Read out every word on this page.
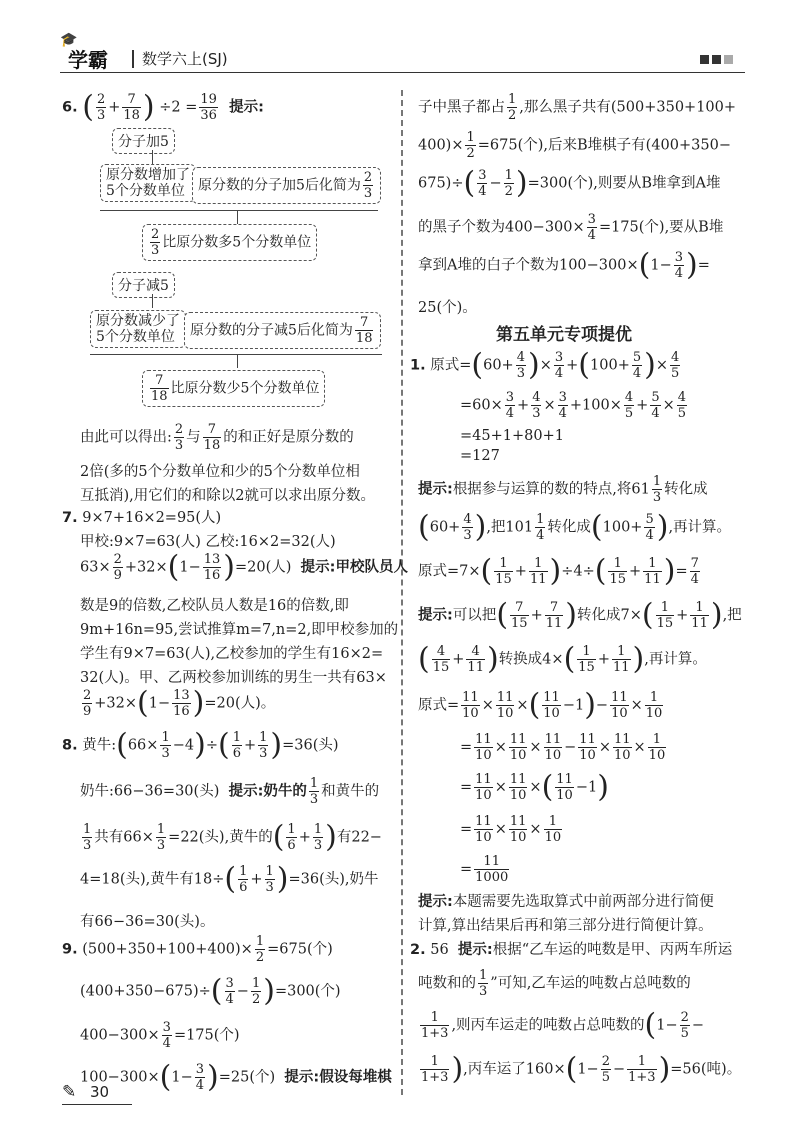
🎓
学霸 数学六上(SJ)
6. ( $\frac{2}{3} + \frac{7}{18}$ ) $\div 2 = \frac{19}{36}$ 提示:
分子加5
原分数增加了
5个分数单位 原分数的分子加5后化简为 $\frac{2}{3}$
$\frac{2}{3}$ 比原分数多5个分数单位
分子减5
原分数减少了
5个分数单位	原分数的分子减5后化简为 $\frac{7}{18}$
$\frac{7}{18}$ 比原分数少5个分数单位
由此可以得出: $\frac{2}{3}$ 与 $\frac{7}{18}$ 的和正好是原分数的
2倍(多的5个分数单位和少的5个分数单位相
互抵消),用它们的和除以2就可以求出原分数。
7. 9×7+16×2=95(人)
甲校:9×7=63(人) 乙校:16×2=32(人)
$63\times \frac{2}{9} +32\times(1- \frac{13}{16} )=20$(人) 提示:甲校队员人
数是9的倍数,乙校队员人数是16的倍数,即
9m+16n=95,尝试推算m=7,n=2,即甲校参加的
学生有9×7=63(人),乙校参加的学生有16×2=
32(人)。甲、乙两校参加训练的男生一共有63×
$\frac{2}{9} +32\times(1- \frac{13}{16} )=20$(人)。
8. 黄牛:(66× $\frac{1}{3} -4)\div( \frac{1}{6} + \frac{1}{3} )=36$(头)
奶牛:66−36=30(头) 提示:奶牛的 $\frac{1}{3}$ 和黄牛的
$\frac{1}{3}$ 共有$66\times \frac{1}{3} =22$(头),黄牛的( $\frac{1}{6} + \frac{1}{3}$ )有22−
4=18(头),黄牛有$18\div( \frac{1}{6} + \frac{1}{3} )=36$(头),奶牛
有66−36=30(头)。
9. $(500+350+100+400)\times \frac{1}{2} =675$(个)
$(400+350-675)\div( \frac{3}{4} - \frac{1}{2} )=300$(个)
$400-300\times \frac{3}{4} =175$(个)
$100-300\times(1- \frac{3}{4} )=25$(个) 提示:假设每堆棋
子中黑子都占 $\frac{1}{2}$ ,那么黑子共有(500+350+100+
$400)\times \frac{1}{2} =675$(个),后来B堆棋子有(400+350−
$675)\div( \frac{3}{4} - \frac{1}{2} )=300$(个),则要从B堆拿到A堆
的黑子个数为$400-300\times \frac{3}{4} =175$(个),要从B堆
拿到A堆的白子个数为$100-300\times(1- \frac{3}{4}$ )=
25(个)。
第五单元专项提优
1. 原式$=(60+ \frac{4}{3}$ )× $\frac{3}{4} +(100+ \frac{5}{4}$ )× $\frac{4}{5}$
$=60\times \frac{3}{4} + \frac{4}{3} \times \frac{3}{4} +100\times \frac{4}{5} + \frac{5}{4} \times \frac{4}{5}$
=45+1+80+1
=127
提示:根据参与运算的数的特点,将$61 \frac{1}{3}$ 转化成
($60+ \frac{4}{3}$ ),把$101 \frac{1}{4}$ 转化成($100+ \frac{5}{4}$ ),再计算。
原式$=7\times( \frac{1}{15} + \frac{1}{11} )\div 4\div( \frac{1}{15} + \frac{1}{11}$ )= $\frac{7}{4}$
提示:可以把( $\frac{7}{15} + \frac{7}{11}$ )转化成$7\times( \frac{1}{15} + \frac{1}{11}$ ),把
( $\frac{4}{15} + \frac{4}{11}$ )转换成$4\times( \frac{1}{15} + \frac{1}{11}$ ),再计算。
原式= $\frac{11}{10} \times \frac{11}{10}$ ×( $\frac{11}{10} -1)- \frac{11}{10} \times \frac{1}{10}$
= $\frac{11}{10} \times \frac{11}{10} \times \frac{11}{10} - \frac{11}{10} \times \frac{11}{10} \times \frac{1}{10}$
= $\frac{11}{10} \times \frac{11}{10}$ ×( $\frac{11}{10} -1$)
= $\frac{11}{10} \times \frac{11}{10} \times \frac{1}{10}$
= $\frac{11}{1000}$
提示:本题需要先选取算式中前两部分进行简便
计算,算出结果后再和第三部分进行简便计算。
2. 56 提示:根据“乙车运的吨数是甲、丙两车所运
吨数和的 $\frac{1}{3}$ ”可知,乙车运的吨数占总吨数的
$\frac{1}{1+3}$ ,则丙车运走的吨数占总吨数的($1- \frac{2}{5}$ −
$\frac{1}{1+3}$ ),丙车运了$160\times(1- \frac{2}{5} - \frac{1}{1+3} )=56$(吨)。
✎ 30
